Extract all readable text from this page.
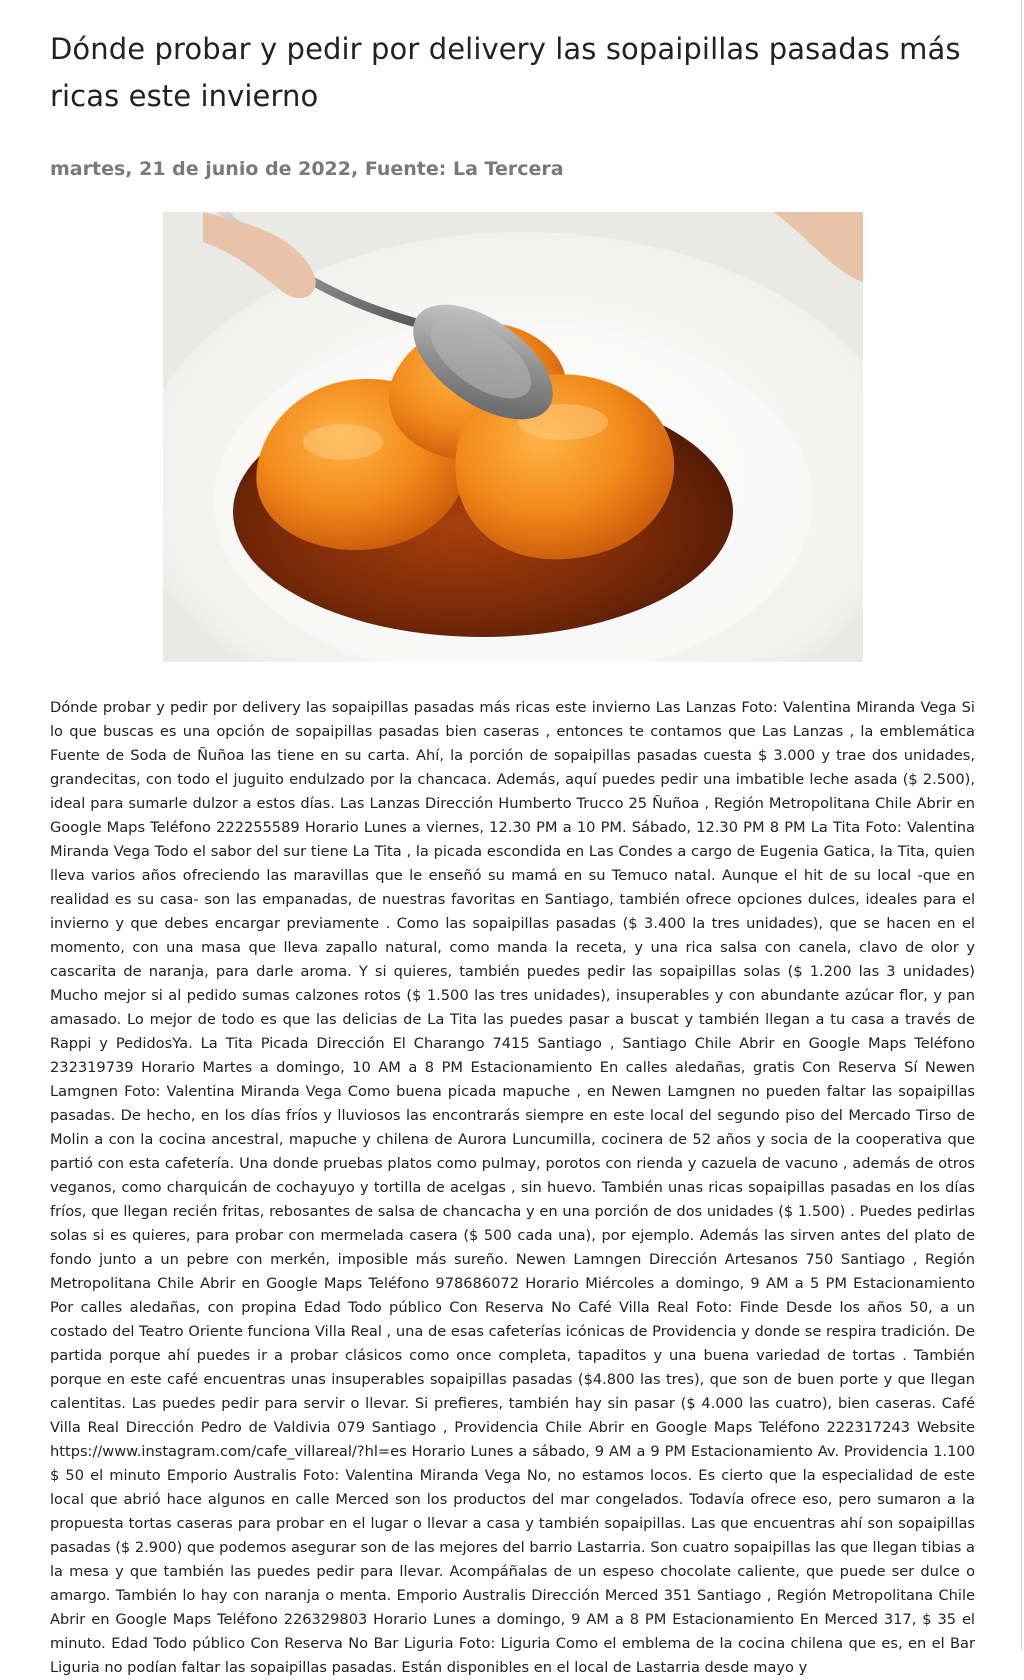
Dónde probar y pedir por delivery las sopaipillas pasadas más ricas este invierno
martes, 21 de junio de 2022, Fuente: La Tercera
Dónde probar y pedir por delivery las sopaipillas pasadas más ricas este invierno Las Lanzas Foto: Valentina Miranda Vega Si lo que buscas es una opción de sopaipillas pasadas bien caseras , entonces te contamos que Las Lanzas , la emblemática Fuente de Soda de Ñuñoa las tiene en su carta. Ahí, la porción de sopaipillas pasadas cuesta $ 3.000 y trae dos unidades, grandecitas, con todo el juguito endulzado por la chancaca. Además, aquí puedes pedir una imbatible leche asada ($ 2.500), ideal para sumarle dulzor a estos días. Las Lanzas Dirección Humberto Trucco 25 Ñuñoa , Región Metropolitana Chile Abrir en Google Maps Teléfono 222255589 Horario Lunes a viernes, 12.30 PM a 10 PM. Sábado, 12.30 PM 8 PM La Tita Foto: Valentina Miranda Vega Todo el sabor del sur tiene La Tita , la picada escondida en Las Condes a cargo de Eugenia Gatica, la Tita, quien lleva varios años ofreciendo las maravillas que le enseñó su mamá en su Temuco natal. Aunque el hit de su local -que en realidad es su casa- son las empanadas, de nuestras favoritas en Santiago, también ofrece opciones dulces, ideales para el invierno y que debes encargar previamente . Como las sopaipillas pasadas ($ 3.400 la tres unidades), que se hacen en el momento, con una masa que lleva zapallo natural, como manda la receta, y una rica salsa con canela, clavo de olor y cascarita de naranja, para darle aroma. Y si quieres, también puedes pedir las sopaipillas solas ($ 1.200 las 3 unidades) Mucho mejor si al pedido sumas calzones rotos ($ 1.500 las tres unidades), insuperables y con abundante azúcar flor, y pan amasado. Lo mejor de todo es que las delicias de La Tita las puedes pasar a buscat y también llegan a tu casa a través de Rappi y PedidosYa. La Tita Picada Dirección El Charango 7415 Santiago , Santiago Chile Abrir en Google Maps Teléfono 232319739 Horario Martes a domingo, 10 AM a 8 PM Estacionamiento En calles aledañas, gratis Con Reserva Sí Newen Lamgnen Foto: Valentina Miranda Vega Como buena picada mapuche , en Newen Lamgnen no pueden faltar las sopaipillas pasadas. De hecho, en los días fríos y lluviosos las encontrarás siempre en este local del segundo piso del Mercado Tirso de Molin a con la cocina ancestral, mapuche y chilena de Aurora Luncumilla, cocinera de 52 años y socia de la cooperativa que partió con esta cafetería. Una donde pruebas platos como pulmay, porotos con rienda y cazuela de vacuno , además de otros veganos, como charquicán de cochayuyo y tortilla de acelgas , sin huevo. También unas ricas sopaipillas pasadas en los días fríos, que llegan recién fritas, rebosantes de salsa de chancacha y en una porción de dos unidades ($ 1.500) . Puedes pedirlas solas si es quieres, para probar con mermelada casera ($ 500 cada una), por ejemplo. Además las sirven antes del plato de fondo junto a un pebre con merkén, imposible más sureño. Newen Lamngen Dirección Artesanos 750 Santiago , Región Metropolitana Chile Abrir en Google Maps Teléfono 978686072 Horario Miércoles a domingo, 9 AM a 5 PM Estacionamiento Por calles aledañas, con propina Edad Todo público Con Reserva No Café Villa Real Foto: Finde Desde los años 50, a un costado del Teatro Oriente funciona Villa Real , una de esas cafeterías icónicas de Providencia y donde se respira tradición. De partida porque ahí puedes ir a probar clásicos como once completa, tapaditos y una buena variedad de tortas . También porque en este café encuentras unas insuperables sopaipillas pasadas ($4.800 las tres), que son de buen porte y que llegan calentitas. Las puedes pedir para servir o llevar. Si prefieres, también hay sin pasar ($ 4.000 las cuatro), bien caseras. Café Villa Real Dirección Pedro de Valdivia 079 Santiago , Providencia Chile Abrir en Google Maps Teléfono 222317243 Website https://www.instagram.com/cafe_villareal/?hl=es Horario Lunes a sábado, 9 AM a 9 PM Estacionamiento Av. Providencia 1.100 $ 50 el minuto Emporio Australis Foto: Valentina Miranda Vega No, no estamos locos. Es cierto que la especialidad de este local que abrió hace algunos en calle Merced son los productos del mar congelados. Todavía ofrece eso, pero sumaron a la propuesta tortas caseras para probar en el lugar o llevar a casa y también sopaipillas. Las que encuentras ahí son sopaipillas pasadas ($ 2.900) que podemos asegurar son de las mejores del barrio Lastarria. Son cuatro sopaipillas las que llegan tibias a la mesa y que también las puedes pedir para llevar. Acompáñalas de un espeso chocolate caliente, que puede ser dulce o amargo. También lo hay con naranja o menta. Emporio Australis Dirección Merced 351 Santiago , Región Metropolitana Chile Abrir en Google Maps Teléfono 226329803 Horario Lunes a domingo, 9 AM a 8 PM Estacionamiento En Merced 317, $ 35 el minuto. Edad Todo público Con Reserva No Bar Liguria Foto: Liguria Como el emblema de la cocina chilena que es, en el Bar Liguria no podían faltar las sopaipillas pasadas. Están disponibles en el local de Lastarria desde mayo y
